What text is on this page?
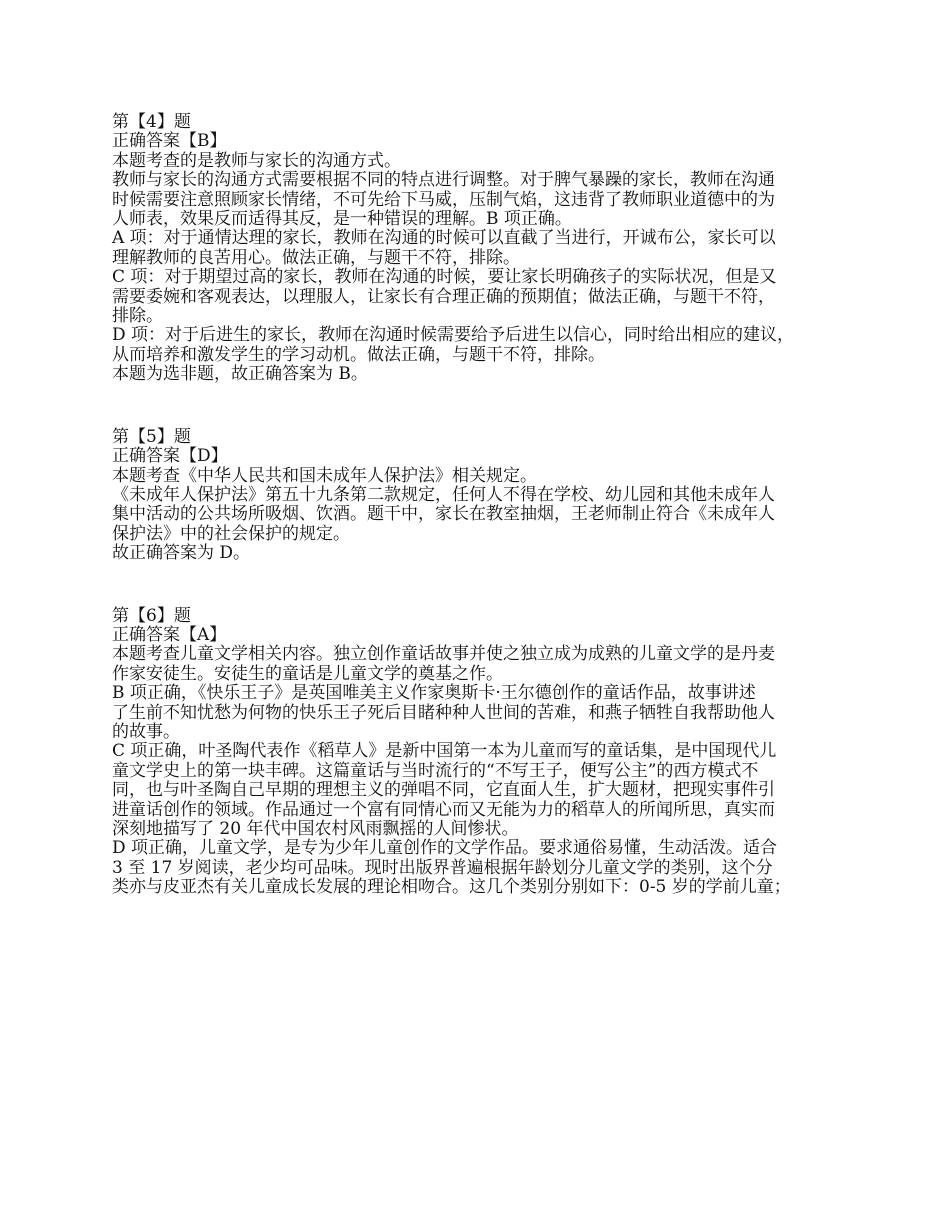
第【4】题

正确答案【B】

本题考查的是教师与家长的沟通方式。

教师与家长的沟通方式需要根据不同的特点进行调整。对于脾气暴躁的家长，教师在沟通

时候需要注意照顾家长情绪，不可先给下马威，压制气焰，这违背了教师职业道德中的为

人师表，效果反而适得其反，是一种错误的理解。B 项正确。

A 项：对于通情达理的家长，教师在沟通的时候可以直截了当进行，开诚布公，家长可以

理解教师的良苦用心。做法正确，与题干不符，排除。

C 项：对于期望过高的家长，教师在沟通的时候，要让家长明确孩子的实际状况，但是又

需要委婉和客观表达，以理服人，让家长有合理正确的预期值；做法正确，与题干不符，

排除。

D 项：对于后进生的家长，教师在沟通时候需要给予后进生以信心，同时给出相应的建议，

从而培养和激发学生的学习动机。做法正确，与题干不符，排除。

本题为选非题，故正确答案为 B。

第【5】题

正确答案【D】

本题考查《中华人民共和国未成年人保护法》相关规定。

《未成年人保护法》第五十九条第二款规定，任何人不得在学校、幼儿园和其他未成年人

集中活动的公共场所吸烟、饮酒。题干中，家长在教室抽烟，王老师制止符合《未成年人

保护法》中的社会保护的规定。

故正确答案为 D。

第【6】题

正确答案【A】

本题考查儿童文学相关内容。独立创作童话故事并使之独立成为成熟的儿童文学的是丹麦

作家安徒生。安徒生的童话是儿童文学的奠基之作。

B 项正确，《快乐王子》是英国唯美主义作家奥斯卡·王尔德创作的童话作品，故事讲述

了生前不知忧愁为何物的快乐王子死后目睹种种人世间的苦难，和燕子牺牲自我帮助他人

的故事。

C 项正确，叶圣陶代表作《稻草人》是新中国第一本为儿童而写的童话集，是中国现代儿

童文学史上的第一块丰碑。这篇童话与当时流行的“不写王子，便写公主”的西方模式不

同，也与叶圣陶自己早期的理想主义的弹唱不同，它直面人生，扩大题材，把现实事件引

进童话创作的领域。作品通过一个富有同情心而又无能为力的稻草人的所闻所思，真实而

深刻地描写了 20 年代中国农村风雨飘摇的人间惨状。

D 项正确，儿童文学，是专为少年儿童创作的文学作品。要求通俗易懂，生动活泼。适合

3 至 17 岁阅读，老少均可品味。现时出版界普遍根据年龄划分儿童文学的类别，这个分

类亦与皮亚杰有关儿童成长发展的理论相吻合。这几个类别分别如下：0-5 岁的学前儿童；
